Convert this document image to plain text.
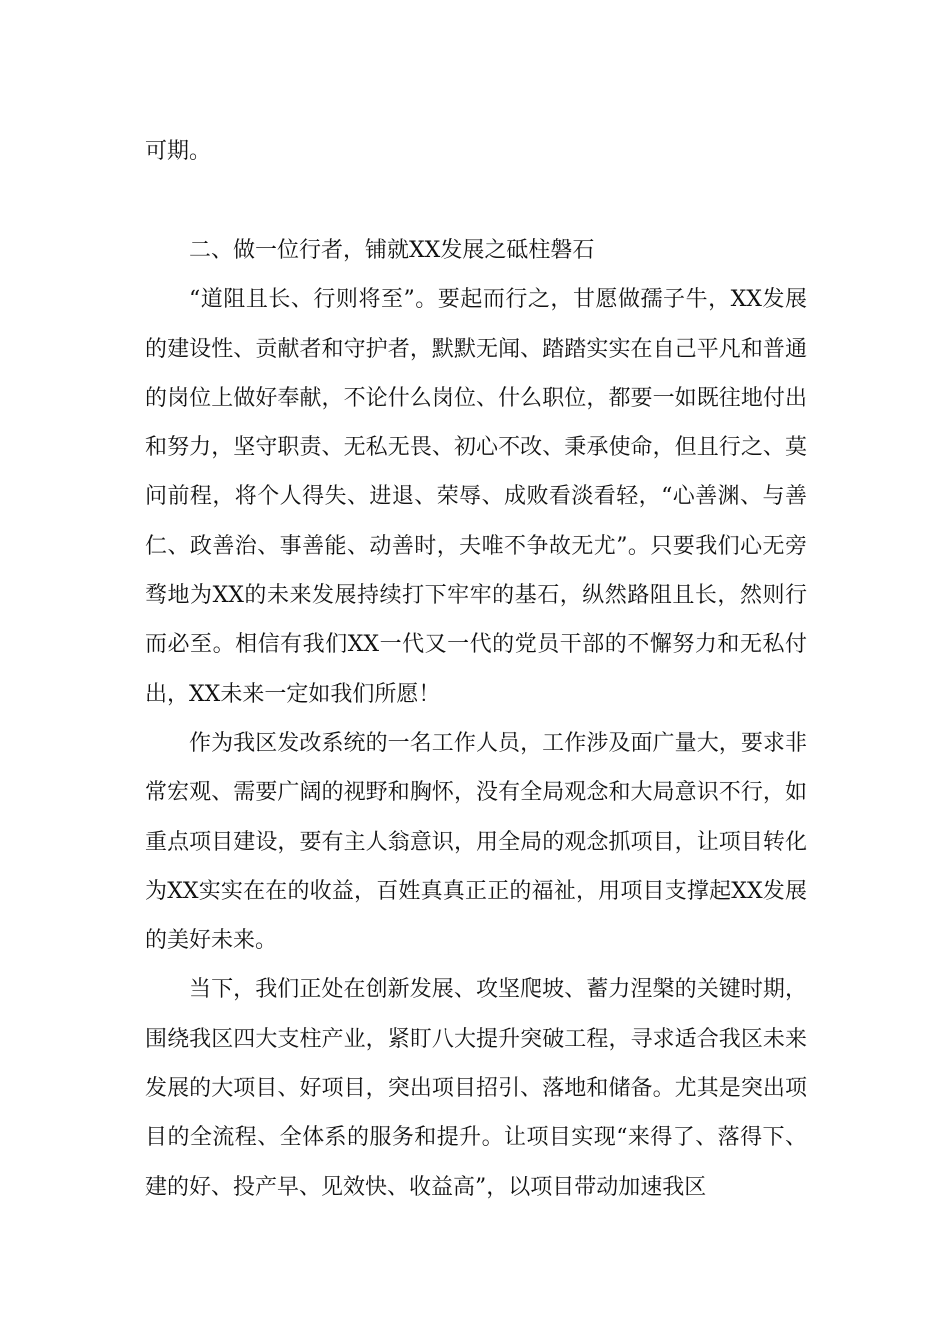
可期。

二、做一位行者，铺就XX发展之砥柱磐石

“道阻且长、行则将至”。要起而行之，甘愿做孺子牛，XX发展的建设性、贡献者和守护者，默默无闻、踏踏实实在自己平凡和普通的岗位上做好奉献，不论什么岗位、什么职位，都要一如既往地付出和努力，坚守职责、无私无畏、初心不改、秉承使命，但且行之、莫问前程，将个人得失、进退、荣辱、成败看淡看轻，“心善渊、与善仁、政善治、事善能、动善时，夫唯不争故无尤”。只要我们心无旁骛地为XX的未来发展持续打下牢牢的基石，纵然路阻且长，然则行而必至。相信有我们XX一代又一代的党员干部的不懈努力和无私付出，XX未来一定如我们所愿！

作为我区发改系统的一名工作人员，工作涉及面广量大，要求非常宏观、需要广阔的视野和胸怀，没有全局观念和大局意识不行，如重点项目建设，要有主人翁意识，用全局的观念抓项目，让项目转化为XX实实在在的收益，百姓真真正正的福祉，用项目支撑起XX发展的美好未来。

当下，我们正处在创新发展、攻坚爬坡、蓄力涅槃的关键时期，围绕我区四大支柱产业，紧盯八大提升突破工程，寻求适合我区未来发展的大项目、好项目，突出项目招引、落地和储备。尤其是突出项目的全流程、全体系的服务和提升。让项目实现“来得了、落得下、建的好、投产早、见效快、收益高”，以项目带动加速我区
